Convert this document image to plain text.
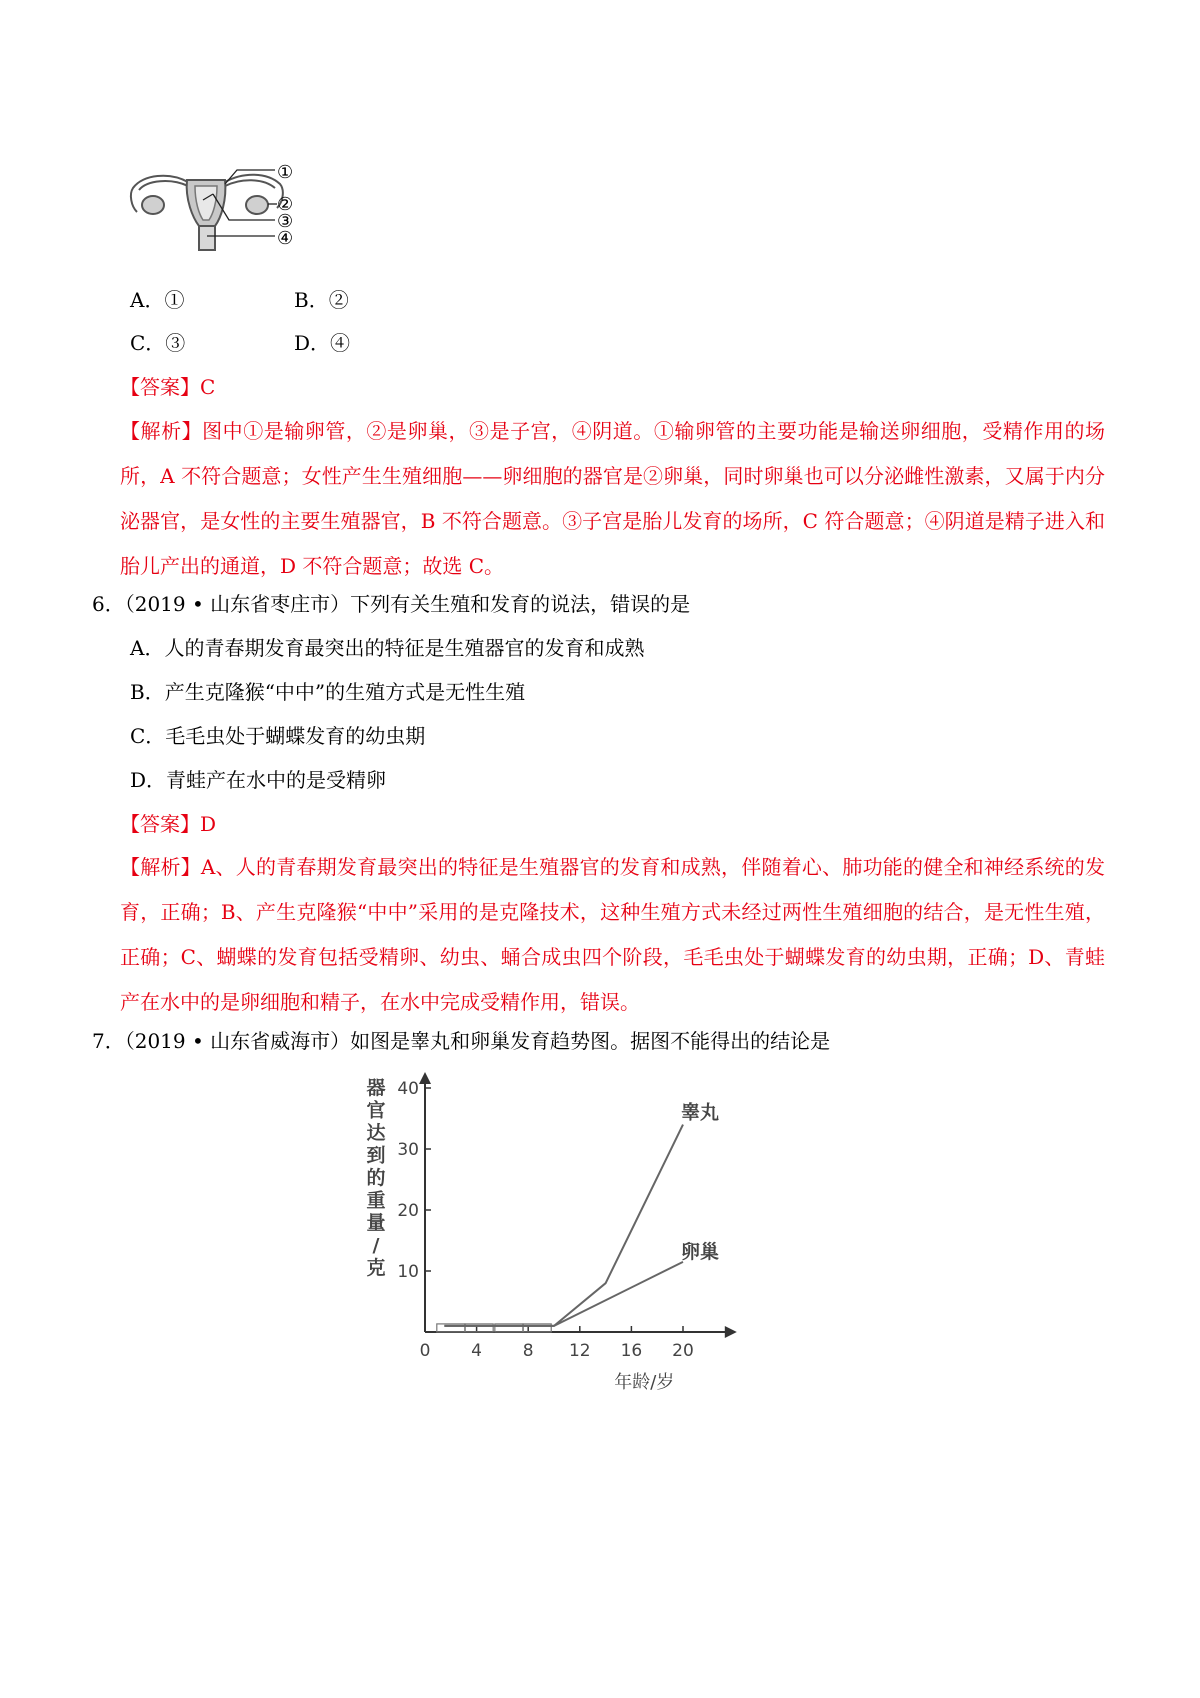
①
②
③
④
A．①	B．②
C．③	D．④
【答案】C
【解析】图中①是输卵管，②是卵巢，③是子宫，④阴道。①输卵管的主要功能是输送卵细胞，受精作用的场所，A 不符合题意；女性产生生殖细胞——卵细胞的器官是②卵巢，同时卵巢也可以分泌雌性激素，又属于内分泌器官，是女性的主要生殖器官，B 不符合题意。③子宫是胎儿发育的场所，C 符合题意；④阴道是精子进入和胎儿产出的通道，D 不符合题意；故选 C。
6．（2019 • 山东省枣庄市）下列有关生殖和发育的说法，错误的是
A．人的青春期发育最突出的特征是生殖器官的发育和成熟
B．产生克隆猴“中中”的生殖方式是无性生殖
C．毛毛虫处于蝴蝶发育的幼虫期
D．青蛙产在水中的是受精卵
【答案】D
【解析】A、人的青春期发育最突出的特征是生殖器官的发育和成熟，伴随着心、肺功能的健全和神经系统的发育，正确；B、产生克隆猴“中中”采用的是克隆技术，这种生殖方式未经过两性生殖细胞的结合，是无性生殖，正确；C、蝴蝶的发育包括受精卵、幼虫、蛹合成虫四个阶段，毛毛虫处于蝴蝶发育的幼虫期，正确；D、青蛙产在水中的是卵细胞和精子，在水中完成受精作用，错误。
7．（2019 • 山东省威海市）如图是睾丸和卵巢发育趋势图。据图不能得出的结论是
0 4 8 12 16 20
10
20
30
40
器
官
达
到
的
重
量
/
克
年龄/岁
睾丸
卵巢
